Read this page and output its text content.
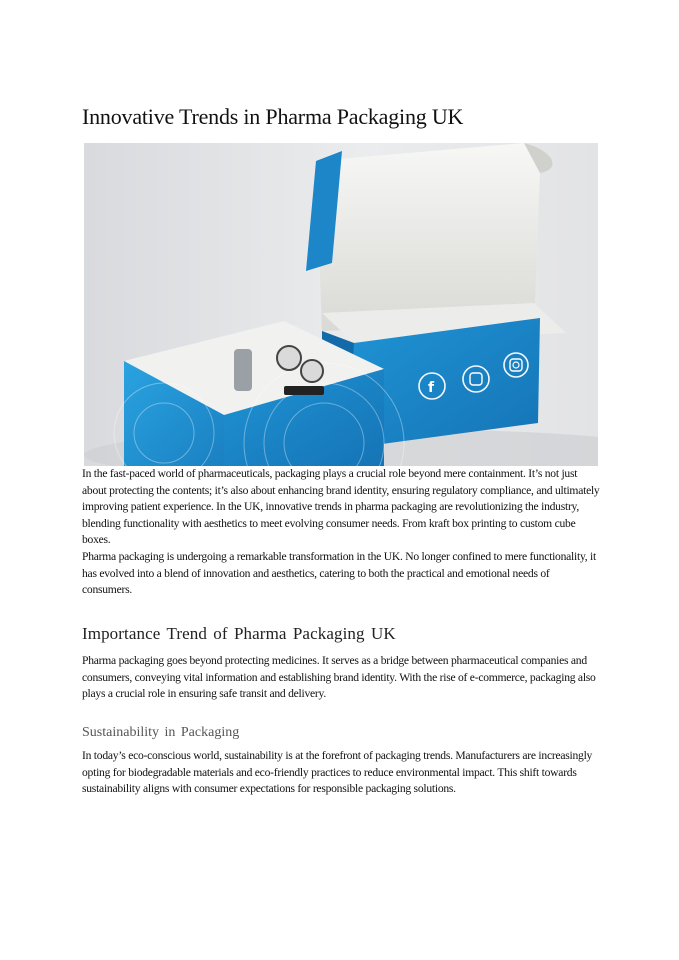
Innovative Trends in Pharma Packaging UK
f

In the fast-paced world of pharmaceuticals, packaging plays a crucial role beyond mere containment. It’s not just about protecting the contents; it’s also about enhancing brand identity, ensuring regulatory compliance, and ultimately improving patient experience. In the UK, innovative trends in pharma packaging are revolutionizing the industry, blending functionality with aesthetics to meet evolving consumer needs. From kraft box printing to custom cube boxes.

Pharma packaging is undergoing a remarkable transformation in the UK. No longer confined to mere functionality, it has evolved into a blend of innovation and aesthetics, catering to both the practical and emotional needs of consumers.

Importance Trend of Pharma Packaging UK

Pharma packaging goes beyond protecting medicines. It serves as a bridge between pharmaceutical companies and consumers, conveying vital information and establishing brand identity. With the rise of e-commerce, packaging also plays a crucial role in ensuring safe transit and delivery.

Sustainability in Packaging

In today’s eco-conscious world, sustainability is at the forefront of packaging trends. Manufacturers are increasingly opting for biodegradable materials and eco-friendly practices to reduce environmental impact. This shift towards sustainability aligns with consumer expectations for responsible packaging solutions.
